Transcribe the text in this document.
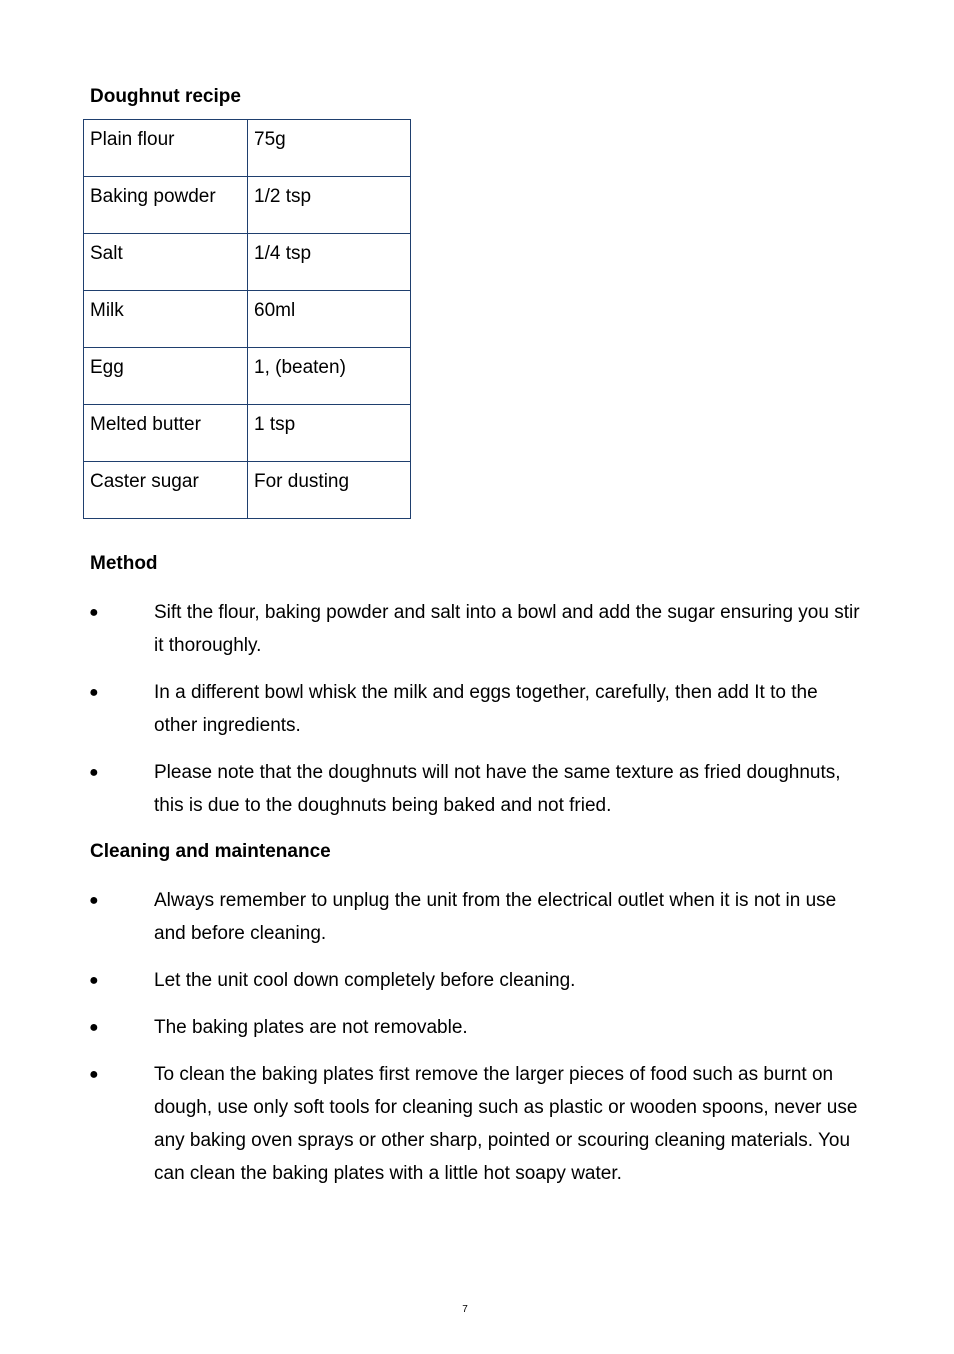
Doughnut recipe
Plain flour	75g
Baking powder	1/2 tsp
Salt	1/4 tsp
Milk	60ml
Egg	1, (beaten)
Melted butter	1 tsp
Caster sugar	For dusting
Method
●	Sift the flour, baking powder and salt into a bowl and add the sugar ensuring you stir it thoroughly.
●	In a different bowl whisk the milk and eggs together, carefully, then add It to the other ingredients.
●	Please note that the doughnuts will not have the same texture as fried doughnuts, this is due to the doughnuts being baked and not fried.
Cleaning and maintenance
●	Always remember to unplug the unit from the electrical outlet when it is not in use and before cleaning.
●	Let the unit cool down completely before cleaning.
●	The baking plates are not removable.
●	To clean the baking plates first remove the larger pieces of food such as burnt on dough, use only soft tools for cleaning such as plastic or wooden spoons, never use any baking oven sprays or other sharp, pointed or scouring cleaning materials. You can clean the baking plates with a little hot soapy water.
7
